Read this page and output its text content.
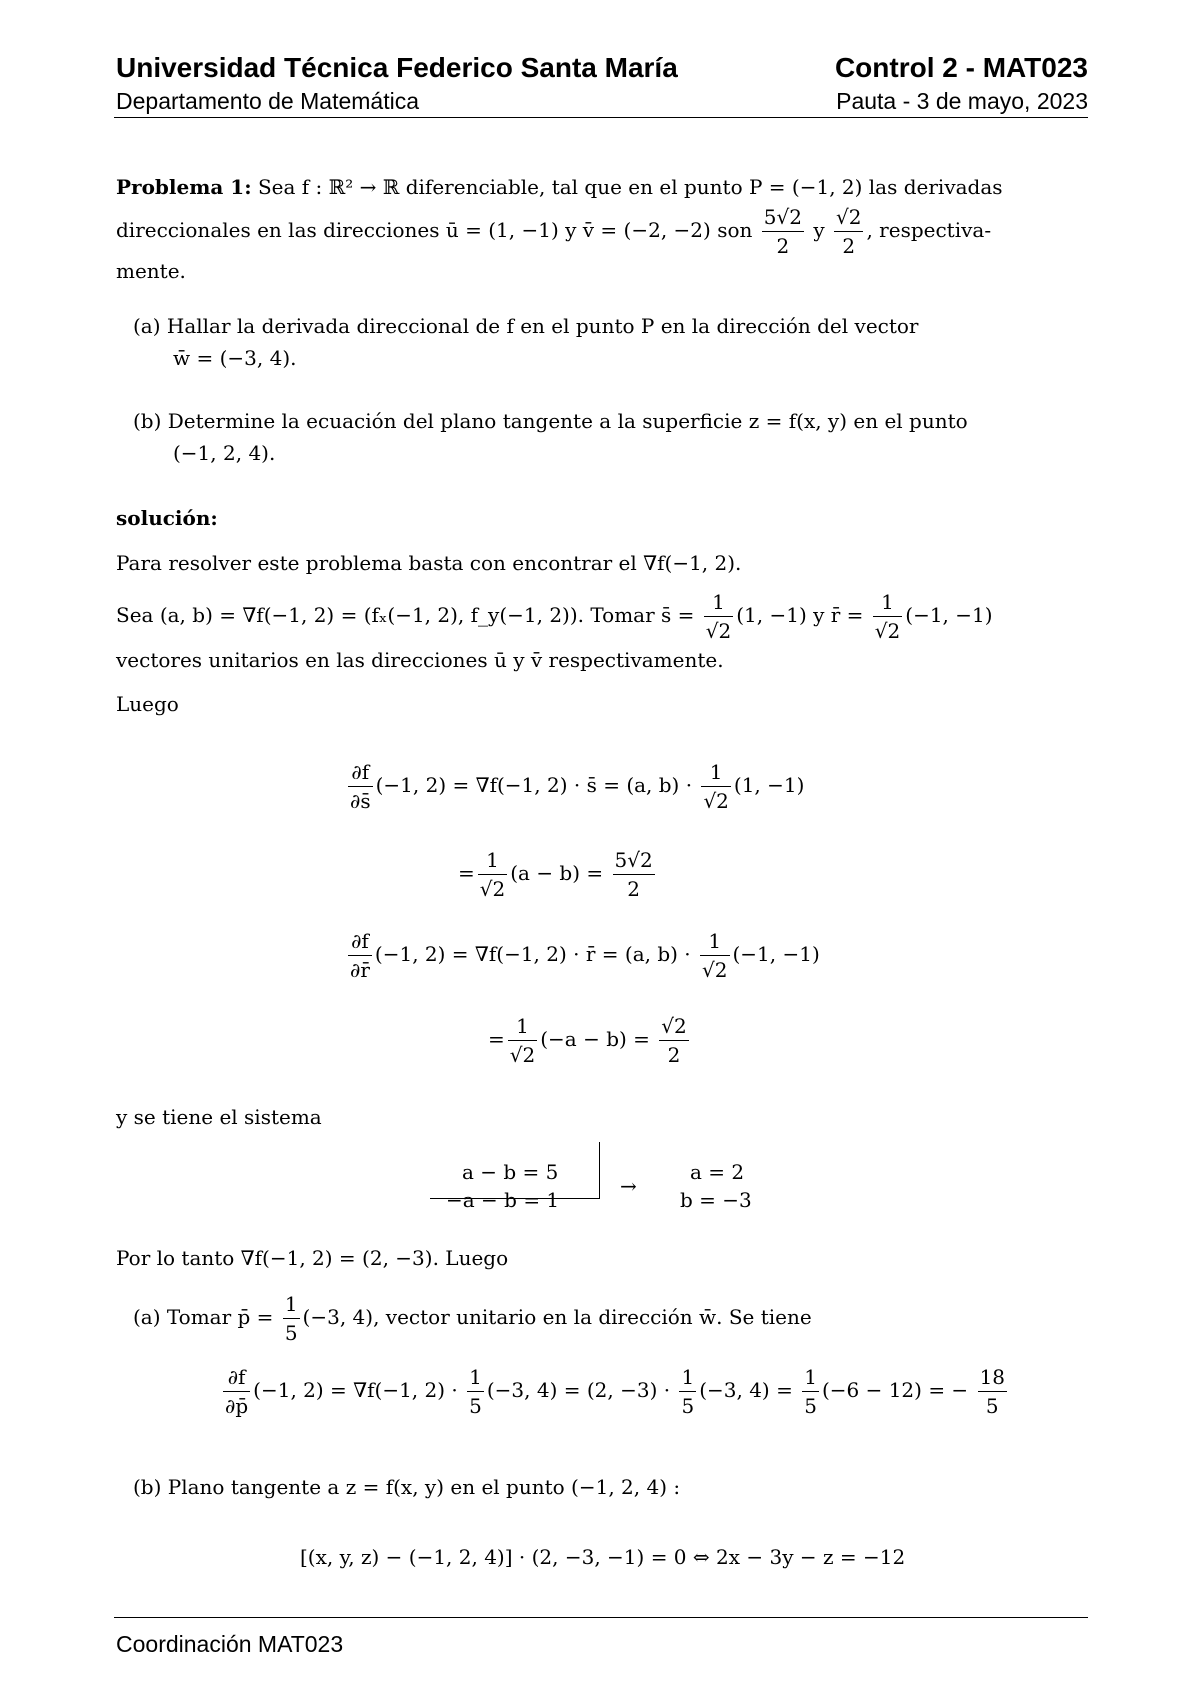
Universidad Técnica Federico Santa María	Control 2 - MAT023
Departamento de Matemática	Pauta - 3 de mayo, 2023
Problema 1: Sea f : ℝ² → ℝ diferenciable, tal que en el punto P = (−1, 2) las derivadas
direccionales en las direcciones ū = (1, −1) y v̄ = (−2, −2) son $\frac{5√2}{2}$ y $\frac{√2}{2}$ , respectiva-
mente.
(a) Hallar la derivada direccional de f en el punto P en la dirección del vector
w̄ = (−3, 4).
(b) Determine la ecuación del plano tangente a la superficie z = f(x, y) en el punto
(−1, 2, 4).
solución:
Para resolver este problema basta con encontrar el ∇f(−1, 2).
Sea (a, b) = ∇f(−1, 2) = (fₓ(−1, 2), f_y(−1, 2)). Tomar s̄ = $\frac{1}{√2} (1$, −1) y r̄ = $\frac{1}{√2} (-1$, −1)
vectores unitarios en las direcciones ū y v̄ respectivamente.
Luego
$\frac{\partial f}{\partial s̄} (-1$, 2) = ∇f(−1, 2) · s̄ = (a, $b) \cdot \frac{1}{√2} (1$, −1)
= $\frac{1}{√2} (a - b) = \frac{5√2}{2}$
$\frac{\partial f}{\partial r̄} (-1$, 2) = ∇f(−1, 2) · r̄ = (a, $b) \cdot \frac{1}{√2} (-1$, −1)
= $\frac{1}{√2} (-a - b) = \frac{√2}{2}$
y se tiene el sistema
a − b = 5
−a − b = 1
→
a = 2
b = −3
Por lo tanto ∇f(−1, 2) = (2, −3). Luego
(a) Tomar p̄ = $\frac{1}{5} (-3$, 4), vector unitario en la dirección w̄. Se tiene
$\frac{\partial f}{\partial p̄} (-1$, 2) = ∇f(−1, $2) \cdot \frac{1}{5} (-3$, 4) = (2, $-3) \cdot \frac{1}{5} (-3$, $4) = \frac{1}{5} (-6 - 12)$ = − $\frac{18}{5}$
(b) Plano tangente a z = f(x, y) en el punto (−1, 2, 4) :
[(x, y, z) − (−1, 2, 4)] · (2, −3, −1) = 0 ⇔ 2x − 3y − z = −12
Coordinación MAT023
